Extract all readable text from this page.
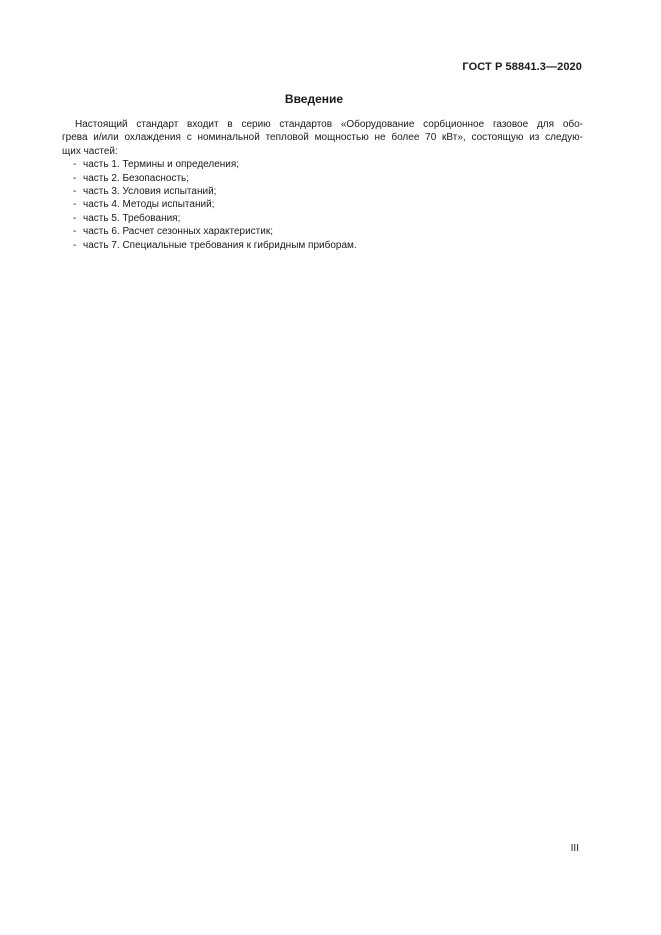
ГОСТ Р 58841.3—2020
Введение
Настоящий стандарт входит в серию стандартов «Оборудование сорбционное газовое для обо-
грева и/или охлаждения с номинальной тепловой мощностью не более 70 кВт», состоящую из следую-
щих частей:
- часть 1. Термины и определения;
- часть 2. Безопасность;
- часть 3. Условия испытаний;
- часть 4. Методы испытаний;
- часть 5. Требования;
- часть 6. Расчет сезонных характеристик;
- часть 7. Специальные требования к гибридным приборам.
III
